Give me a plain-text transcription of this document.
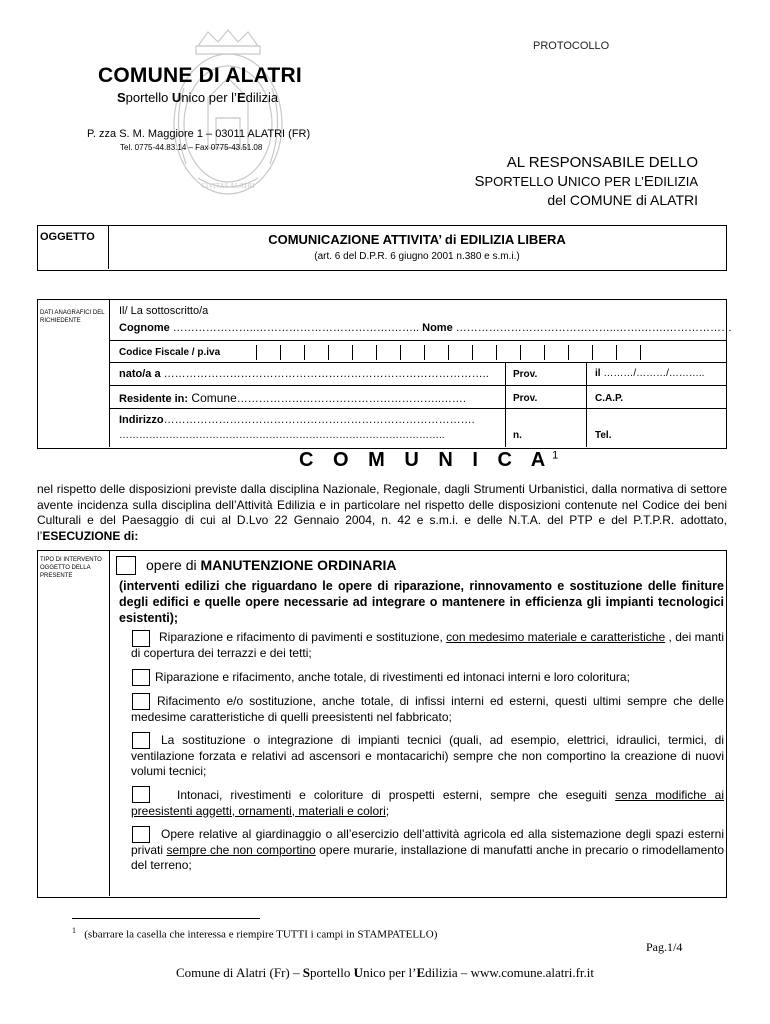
CIVITAS ALATRI
PROTOCOLLO
COMUNE DI ALATRI
Sportello Unico per l’Edilizia
P. zza S. M. Maggiore 1 – 03011 ALATRI (FR)
Tel. 0775-44.83.14 – Fax 0775-43.51.08
AL RESPONSABILE DELLO
SPORTELLO UNICO PER L’EDILIZIA
del COMUNE di ALATRI
OGGETTO	COMUNICAZIONE ATTIVITA’ di EDILIZIA LIBERA
(art. 6 del D.P.R. 6 giugno 2001 n.380 e s.m.i.)
DATI ANAGRAFICI DEL RICHIEDENTE
Il/ La sottoscritto/a
Cognome …………………..……………………………….…….. Nome ……………………………………..…….…….………………
Codice Fiscale / p.iva
nato/a a …………………………………………………………………………….. Prov.	il ………/………/………..
Residente in: Comune………………………………………………..…….	Prov.	C.A.P.
Indirizzo………………………………………………………………………….
……………………………………………………………………………………..	n.	Tel.
C O M U N I C $A^1$
nel rispetto delle disposizioni previste dalla disciplina Nazionale, Regionale, dagli Strumenti Urbanistici, dalla normativa di settore avente incidenza sulla disciplina dell’Attività Edilizia e in particolare nel rispetto delle disposizioni contenute nel Codice dei beni Culturali e del Paesaggio di cui al D.Lvo 22 Gennaio 2004, n. 42 e s.m.i. e delle N.T.A. del PTP e del P.T.P.R. adottato, l’ESECUZIONE di:
TIPO DI INTERVENTO OGGETTO DELLA PRESENTE
opere di MANUTENZIONE ORDINARIA
(interventi edilizi che riguardano le opere di riparazione, rinnovamento e sostituzione delle finiture degli edifici e quelle opere necessarie ad integrare o mantenere in efficienza gli impianti tecnologici esistenti);
Riparazione e rifacimento di pavimenti e sostituzione, con medesimo materiale e caratteristiche , dei manti di copertura dei terrazzi e dei tetti;
Riparazione e rifacimento, anche totale, di rivestimenti ed intonaci interni e loro coloritura;
Rifacimento e/o sostituzione, anche totale, di infissi interni ed esterni, questi ultimi sempre che delle medesime caratteristiche di quelli preesistenti nel fabbricato;
La sostituzione o integrazione di impianti tecnici (quali, ad esempio, elettrici, idraulici, termici, di ventilazione forzata e relativi ad ascensori e montacarichi) sempre che non comportino la creazione di nuovi volumi tecnici;
Intonaci, rivestimenti e coloriture di prospetti esterni, sempre che eseguiti senza modifiche ai preesistenti aggetti, ornamenti, materiali e colori;
Opere relative al giardinaggio o all’esercizio dell’attività agricola ed alla sistemazione degli spazi esterni privati sempre che non comportino opere murarie, installazione di manufatti anche in precario o rimodellamento del terreno;
$^1$ (sbarrare la casella che interessa e riempire TUTTI i campi in STAMPATELLO)
Pag.1/4
Comune di Alatri (Fr) – Sportello Unico per l’Edilizia – www.comune.alatri.fr.it
